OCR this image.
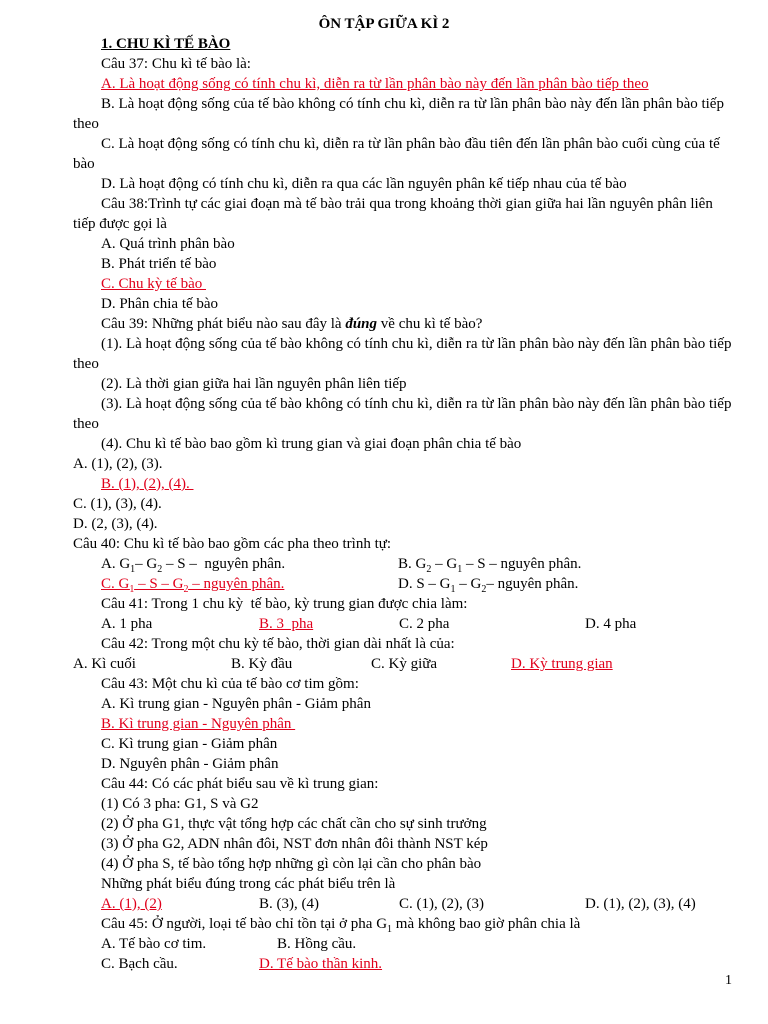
ÔN TẬP GIỮA KÌ 2
1. CHU KÌ TẾ BÀO
Câu 37: Chu kì tế bào là:
A. Là hoạt động sống có tính chu kì, diễn ra từ lần phân bào này đến lần phân bào tiếp theo
B. Là hoạt động sống của tế bào không có tính chu kì, diễn ra từ lần phân bào này đến lần phân bào tiếp theo
C. Là hoạt động sống có tính chu kì, diễn ra từ lần phân bào đầu tiên đến lần phân bào cuối cùng của tế bào
D. Là hoạt động có tính chu kì, diễn ra qua các lần nguyên phân kế tiếp nhau của tế bào
Câu 38:Trình tự các giai đoạn mà tế bào trải qua trong khoảng thời gian giữa hai lần nguyên phân liên tiếp được gọi là
A. Quá trình phân bào
B. Phát triển tế bào
C. Chu kỳ tế bào
D. Phân chia tế bào
Câu 39: Những phát biểu nào sau đây là đúng về chu kì tế bào?
(1). Là hoạt động sống của tế bào không có tính chu kì, diễn ra từ lần phân bào này đến lần phân bào tiếp theo
(2). Là thời gian giữa hai lần nguyên phân liên tiếp
(3). Là hoạt động sống của tế bào không có tính chu kì, diễn ra từ lần phân bào này đến lần phân bào tiếp theo
(4). Chu kì tế bào bao gồm kì trung gian và giai đoạn phân chia tế bào
A. (1), (2), (3).
B. (1), (2), (4).
C. (1), (3), (4).
D. (2, (3), (4).
Câu 40: Chu kì tế bào bao gồm các pha theo trình tự:
A. $G_1-$ $G_2$ – S –  nguyên phân.	B. $G_2 - G_1$ – S – nguyên phân.
C. $G_1$ – S – $G_2$ – nguyên phân.	D. S – $G_1 - G_2-$ nguyên phân.
Câu 41: Trong 1 chu kỳ  tế bào, kỳ trung gian được chia làm:
A. 1 pha	B. 3  pha	C. 2 pha	D. 4 pha
Câu 42: Trong một chu kỳ tế bào, thời gian dài nhất là của:
A. Kì cuối	B. Kỳ đầu	C. Kỳ giữa	D. Kỳ trung gian
Câu 43: Một chu kì của tế bào cơ tim gồm:
A. Kì trung gian - Nguyên phân - Giảm phân
B. Kì trung gian - Nguyên phân
C. Kì trung gian - Giảm phân
D. Nguyên phân - Giảm phân
Câu 44: Có các phát biểu sau về kì trung gian:
(1) Có 3 pha: G1, S và G2
(2) Ở pha G1, thực vật tổng hợp các chất cần cho sự sinh trưởng
(3) Ở pha G2, ADN nhân đôi, NST đơn nhân đôi thành NST kép
(4) Ở pha S, tế bào tổng hợp những gì còn lại cần cho phân bào
Những phát biểu đúng trong các phát biểu trên là
A. (1), (2)	B. (3), (4)	C. (1), (2), (3)	D. (1), (2), (3), (4)
Câu 45: Ở người, loại tế bào chỉ tồn tại ở pha $G_1$ mà không bao giờ phân chia là
A. Tế bào cơ tim.	B. Hồng cầu.
C. Bạch cầu.	D. Tế bào thần kinh.
1
